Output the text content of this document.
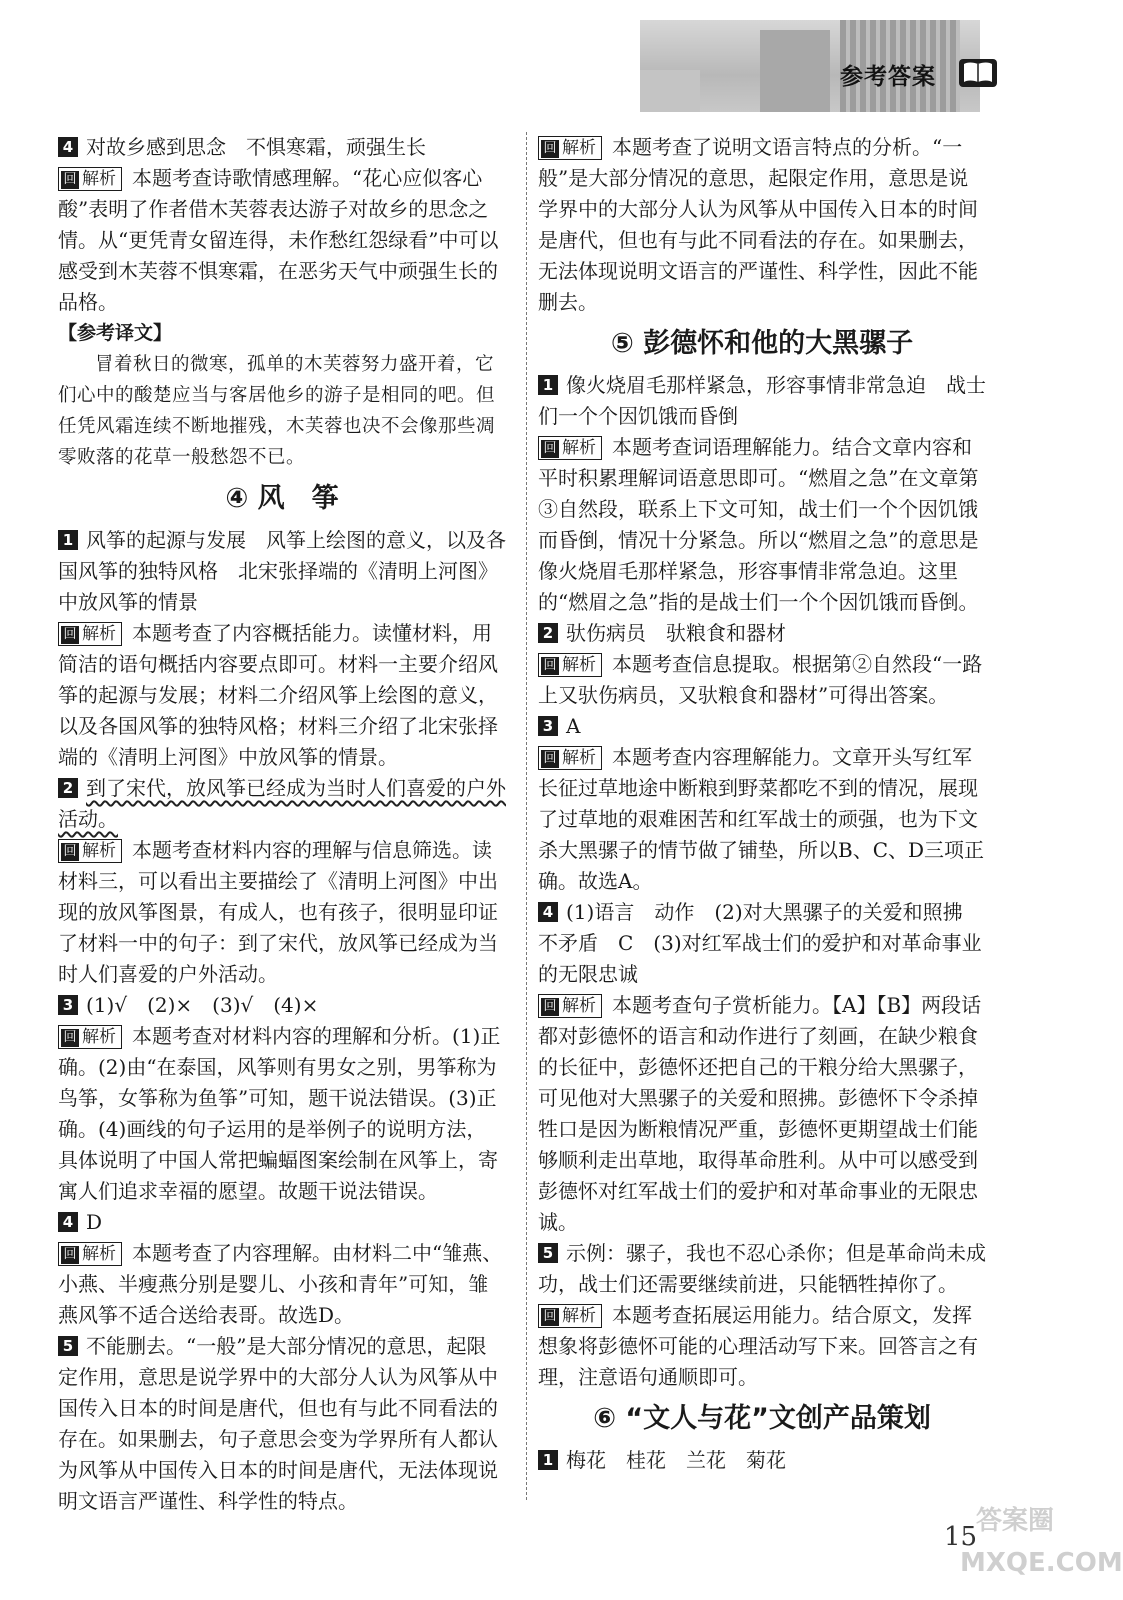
参考答案

4 对故乡感到思念　不惧寒霜，顽强生长

回 解析 本题考查诗歌情感理解。“花心应似客心酸”表明了作者借木芙蓉表达游子对故乡的思念之情。从“更凭青女留连得，未作愁红怨绿看”中可以感受到木芙蓉不惧寒霜，在恶劣天气中顽强生长的品格。

【参考译文】

冒着秋日的微寒，孤单的木芙蓉努力盛开着，它们心中的酸楚应当与客居他乡的游子是相同的吧。但任凭风霜连续不断地摧残，木芙蓉也决不会像那些凋零败落的花草一般愁怨不已。

④ 风　筝

1 风筝的起源与发展　风筝上绘图的意义，以及各国风筝的独特风格　北宋张择端的《清明上河图》中放风筝的情景

回 解析 本题考查了内容概括能力。读懂材料，用简洁的语句概括内容要点即可。材料一主要介绍风筝的起源与发展；材料二介绍风筝上绘图的意义，以及各国风筝的独特风格；材料三介绍了北宋张择端的《清明上河图》中放风筝的情景。

2 到了宋代，放风筝已经成为当时人们喜爱的户外活动。

回 解析 本题考查材料内容的理解与信息筛选。读材料三，可以看出主要描绘了《清明上河图》中出现的放风筝图景，有成人，也有孩子，很明显印证了材料一中的句子：到了宋代，放风筝已经成为当时人们喜爱的户外活动。

3 (1)√　(2)×　(3)√　(4)×

回 解析 本题考查对材料内容的理解和分析。(1)正确。(2)由“在泰国，风筝则有男女之别，男筝称为鸟筝，女筝称为鱼筝”可知，题干说法错误。(3)正确。(4)画线的句子运用的是举例子的说明方法，具体说明了中国人常把蝙蝠图案绘制在风筝上，寄寓人们追求幸福的愿望。故题干说法错误。

4 D

回 解析 本题考查了内容理解。由材料二中“雏燕、小燕、半瘦燕分别是婴儿、小孩和青年”可知，雏燕风筝不适合送给表哥。故选D。

5 不能删去。“一般”是大部分情况的意思，起限定作用，意思是说学界中的大部分人认为风筝从中国传入日本的时间是唐代，但也有与此不同看法的存在。如果删去，句子意思会变为学界所有人都认为风筝从中国传入日本的时间是唐代，无法体现说明文语言严谨性、科学性的特点。

回 解析 本题考查了说明文语言特点的分析。“一般”是大部分情况的意思，起限定作用，意思是说学界中的大部分人认为风筝从中国传入日本的时间是唐代，但也有与此不同看法的存在。如果删去，无法体现说明文语言的严谨性、科学性，因此不能删去。

⑤ 彭德怀和他的大黑骡子

1 像火烧眉毛那样紧急，形容事情非常急迫　战士们一个个因饥饿而昏倒

回 解析 本题考查词语理解能力。结合文章内容和平时积累理解词语意思即可。“燃眉之急”在文章第③自然段，联系上下文可知，战士们一个个因饥饿而昏倒，情况十分紧急。所以“燃眉之急”的意思是像火烧眉毛那样紧急，形容事情非常急迫。这里的“燃眉之急”指的是战士们一个个因饥饿而昏倒。

2 驮伤病员　驮粮食和器材

回 解析 本题考查信息提取。根据第②自然段“一路上又驮伤病员，又驮粮食和器材”可得出答案。

3 A

回 解析 本题考查内容理解能力。文章开头写红军长征过草地途中断粮到野菜都吃不到的情况，展现了过草地的艰难困苦和红军战士的顽强，也为下文杀大黑骡子的情节做了铺垫，所以B、C、D三项正确。故选A。

4 (1)语言　动作　(2)对大黑骡子的关爱和照拂　不矛盾　C　(3)对红军战士们的爱护和对革命事业的无限忠诚

回 解析 本题考查句子赏析能力。【A】【B】两段话都对彭德怀的语言和动作进行了刻画，在缺少粮食的长征中，彭德怀还把自己的干粮分给大黑骡子，可见他对大黑骡子的关爱和照拂。彭德怀下令杀掉牲口是因为断粮情况严重，彭德怀更期望战士们能够顺利走出草地，取得革命胜利。从中可以感受到彭德怀对红军战士们的爱护和对革命事业的无限忠诚。

5 示例：骡子，我也不忍心杀你；但是革命尚未成功，战士们还需要继续前进，只能牺牲掉你了。

回 解析 本题考查拓展运用能力。结合原文，发挥想象将彭德怀可能的心理活动写下来。回答言之有理，注意语句通顺即可。

⑥ “文人与花”文创产品策划

1 梅花　桂花　兰花　菊花

15
答案圈 MXQE.COM
